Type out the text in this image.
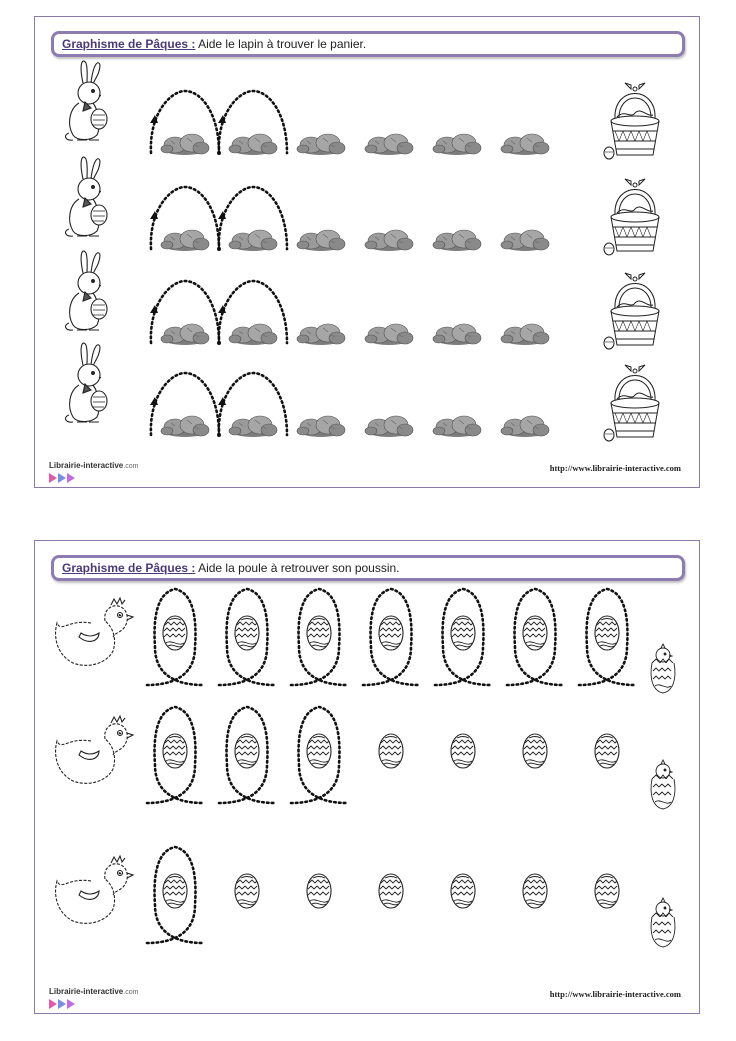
Graphisme de Pâques : Aide le lapin à trouver le panier.
Librairie-interactive.com	http://www.librairie-interactive.com
Graphisme de Pâques : Aide la poule à retrouver son poussin.
Librairie-interactive.com	http://www.librairie-interactive.com
